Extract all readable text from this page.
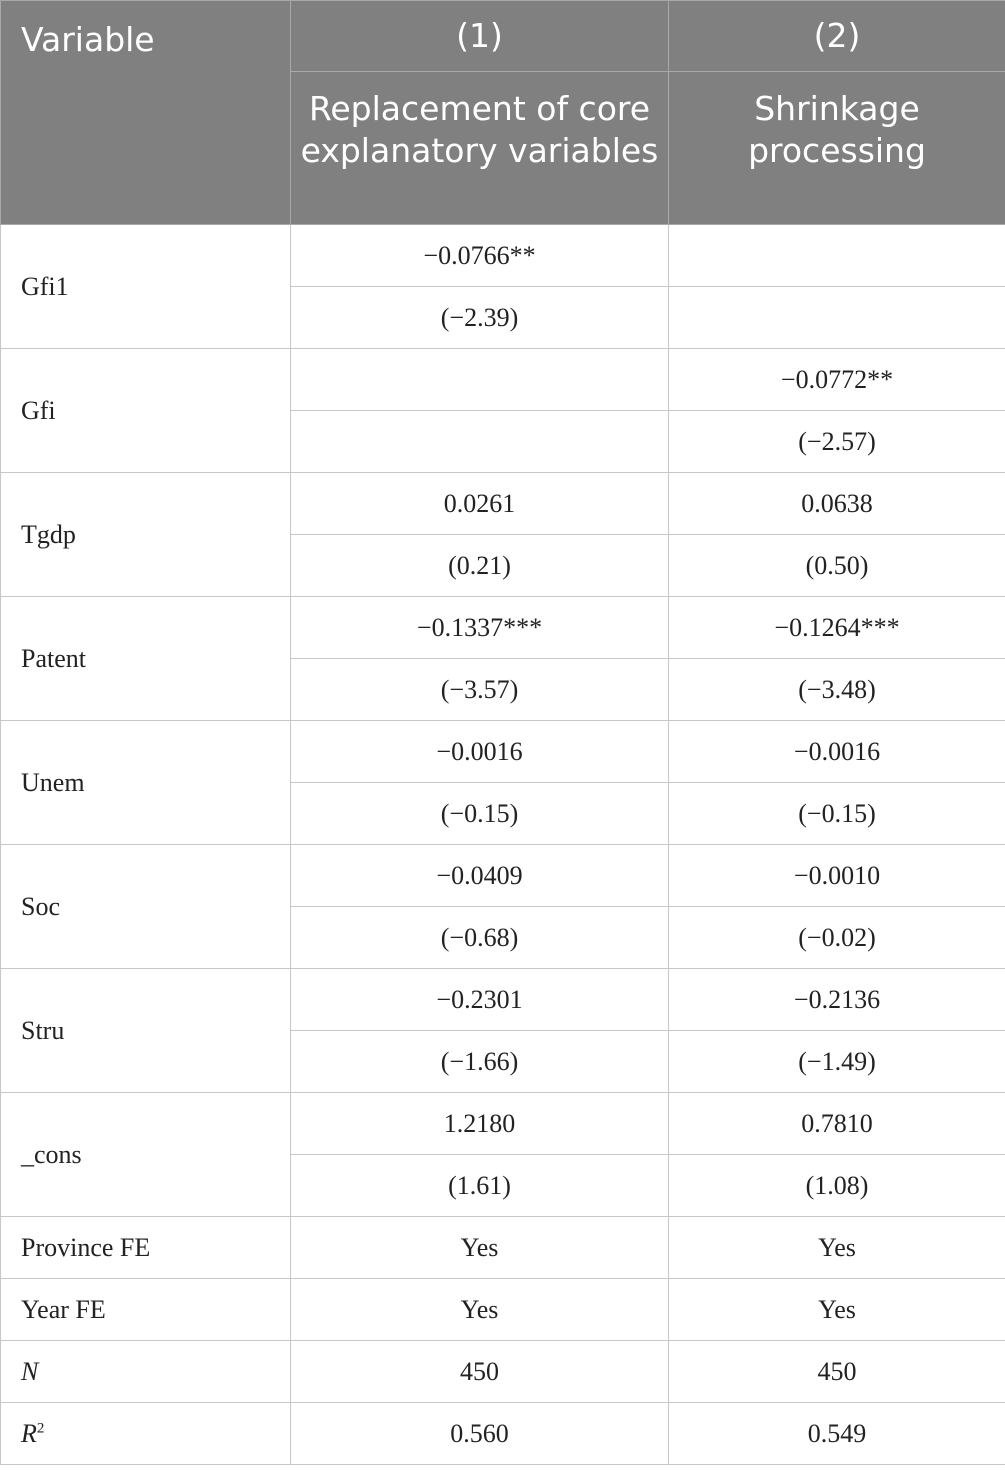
Variable	(1)	(2)
	Replacement of core explanatory variables	Shrinkage processing
Gfi1	−0.0766**	
	(−2.39)	
Gfi		−0.0772**
		(−2.57)
Tgdp	0.0261	0.0638
	(0.21)	(0.50)
Patent	−0.1337***	−0.1264***
	(−3.57)	(−3.48)
Unem	−0.0016	−0.0016
	(−0.15)	(−0.15)
Soc	−0.0409	−0.0010
	(−0.68)	(−0.02)
Stru	−0.2301	−0.2136
	(−1.66)	(−1.49)
_cons	1.2180	0.7810
	(1.61)	(1.08)
Province FE	Yes	Yes
Year FE	Yes	Yes
N	450	450
$R^2$	0.560	0.549
